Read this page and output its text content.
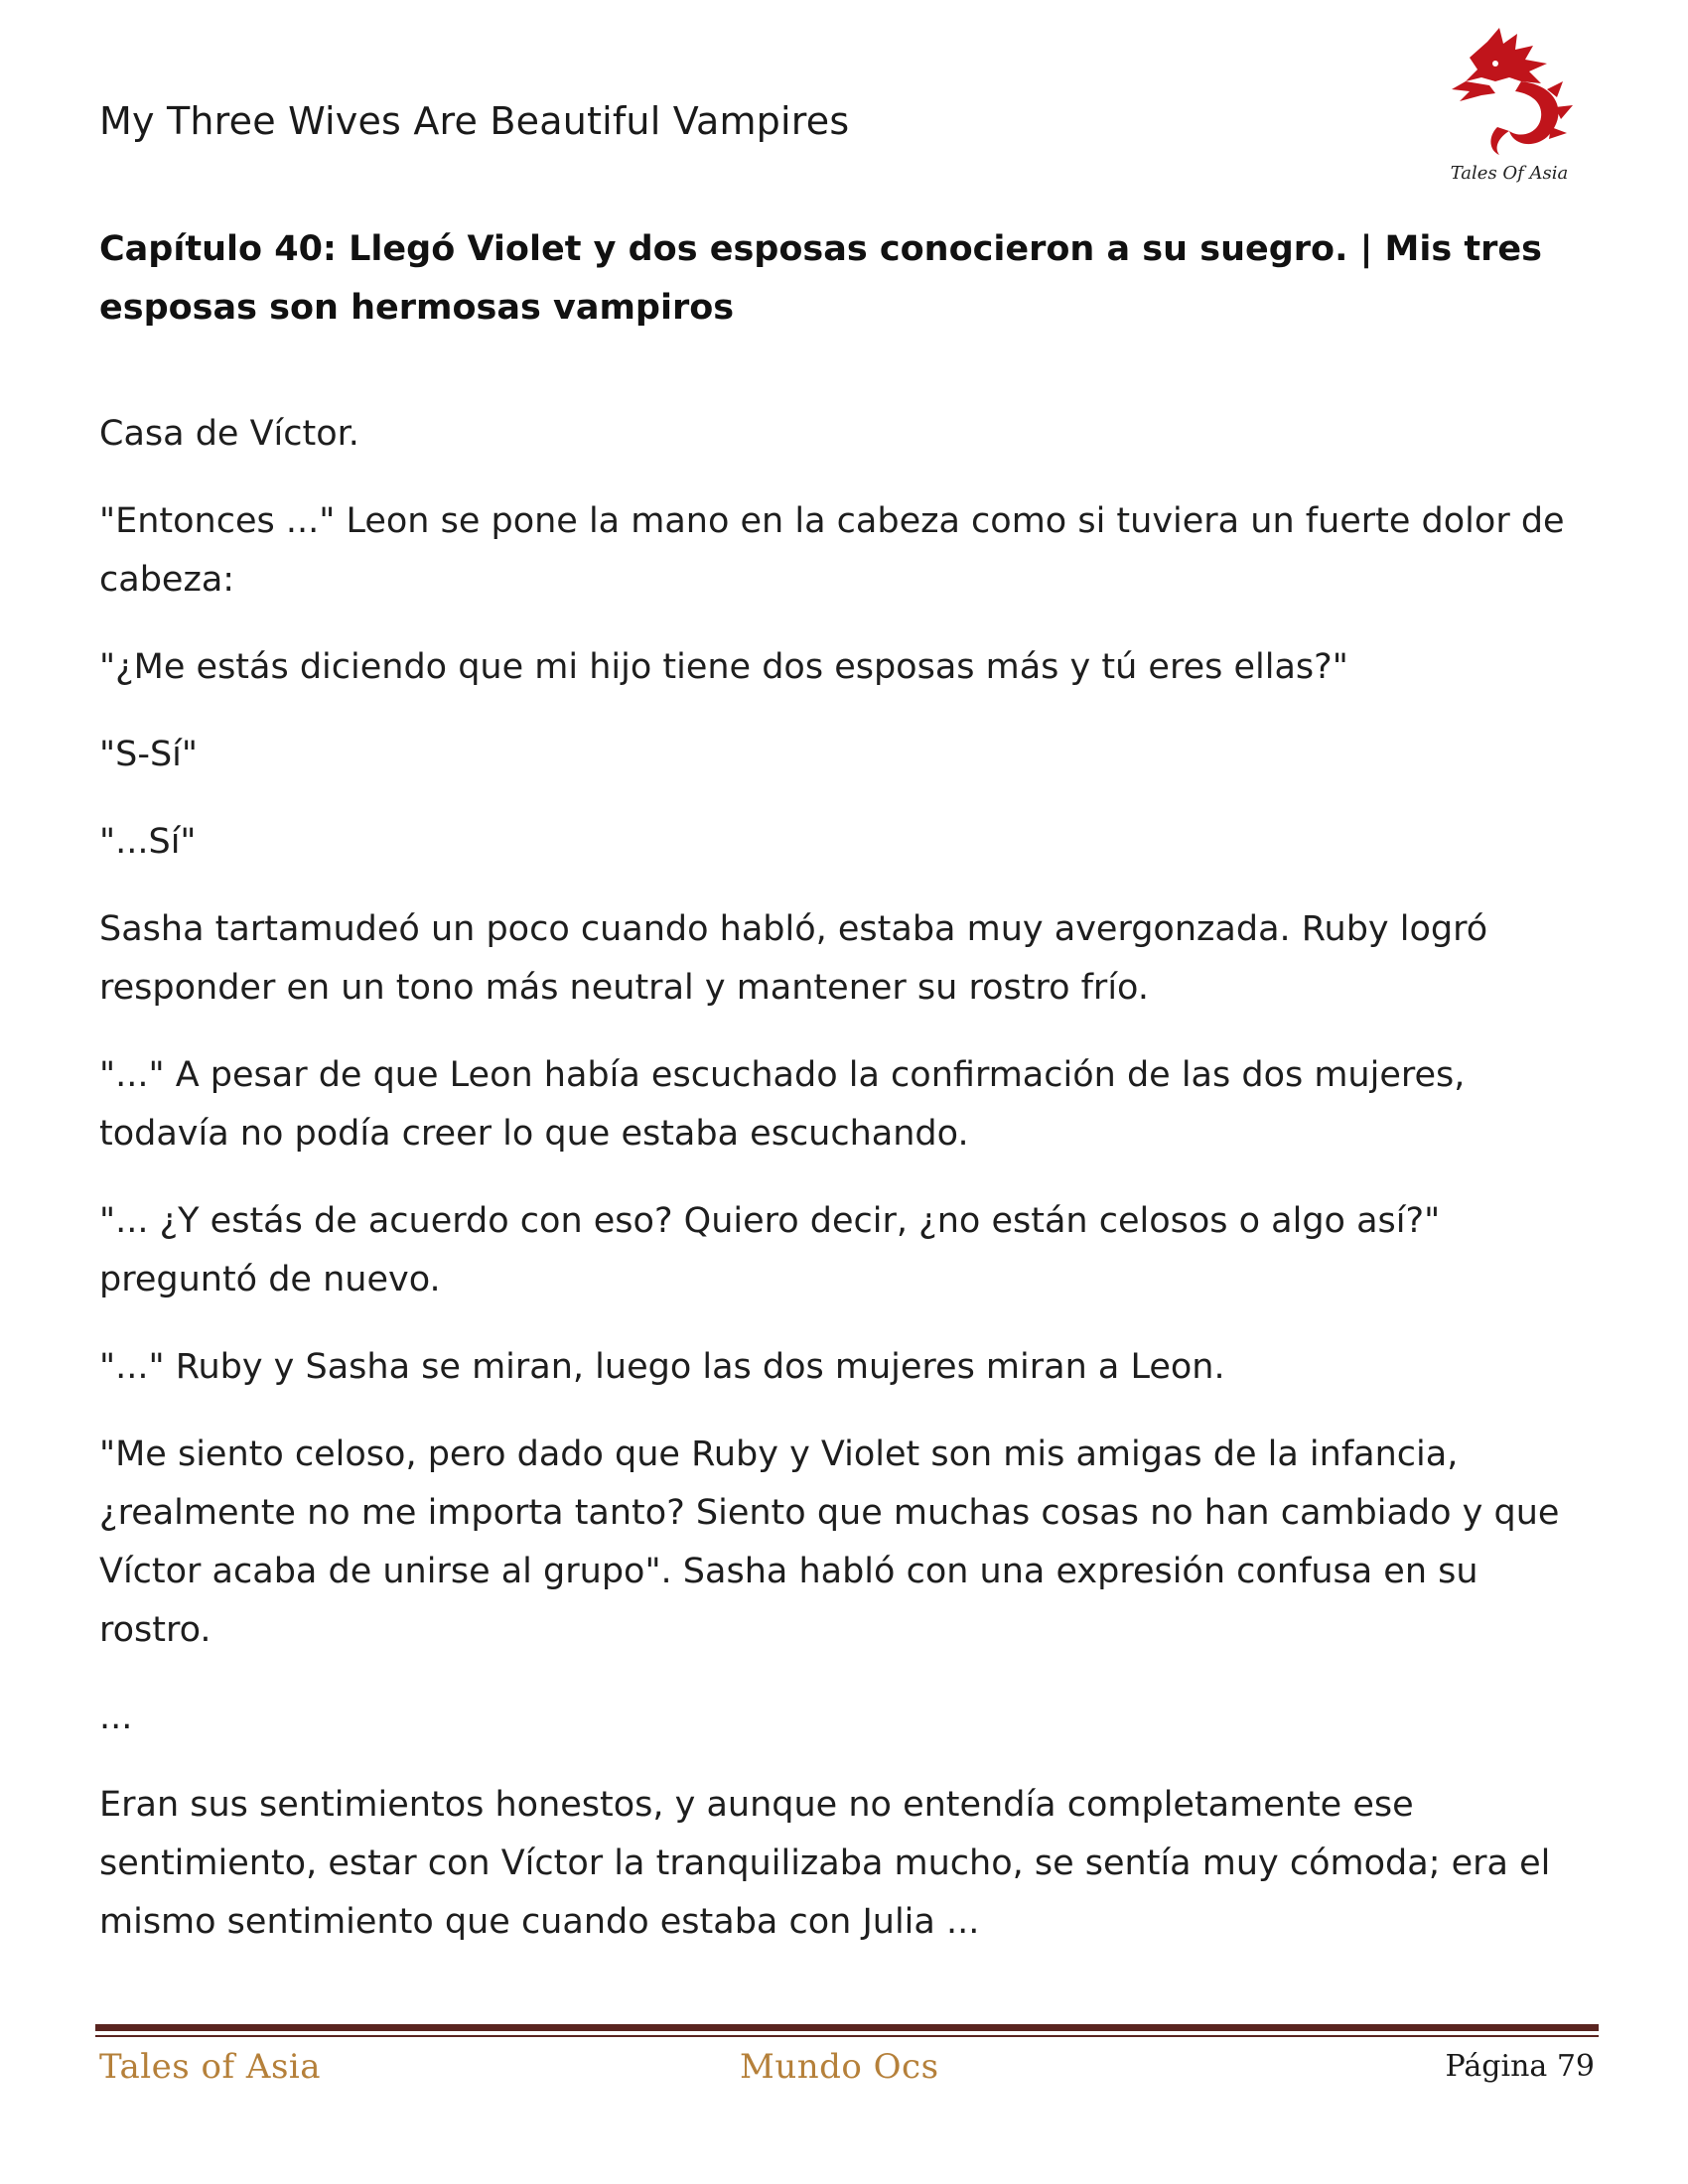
My Three Wives Are Beautiful Vampires
Tales Of Asia
Capítulo 40: Llegó Violet y dos esposas conocieron a su suegro. | Mis tres esposas son hermosas vampiros

Casa de Víctor.

"Entonces ..." Leon se pone la mano en la cabeza como si tuviera un fuerte dolor de cabeza:

"¿Me estás diciendo que mi hijo tiene dos esposas más y tú eres ellas?"

"S-Sí"

"...Sí"

Sasha tartamudeó un poco cuando habló, estaba muy avergonzada. Ruby logró responder en un tono más neutral y mantener su rostro frío.

"..." A pesar de que Leon había escuchado la confirmación de las dos mujeres, todavía no podía creer lo que estaba escuchando.

"... ¿Y estás de acuerdo con eso? Quiero decir, ¿no están celosos o algo así?" preguntó de nuevo.

"..." Ruby y Sasha se miran, luego las dos mujeres miran a Leon.

"Me siento celoso, pero dado que Ruby y Violet son mis amigas de la infancia, ¿realmente no me importa tanto? Siento que muchas cosas no han cambiado y que Víctor acaba de unirse al grupo". Sasha habló con una expresión confusa en su rostro.

...

Eran sus sentimientos honestos, y aunque no entendía completamente ese sentimiento, estar con Víctor la tranquilizaba mucho, se sentía muy cómoda; era el mismo sentimiento que cuando estaba con Julia ...

Tales of Asia	Mundo Ocs	Página 79
